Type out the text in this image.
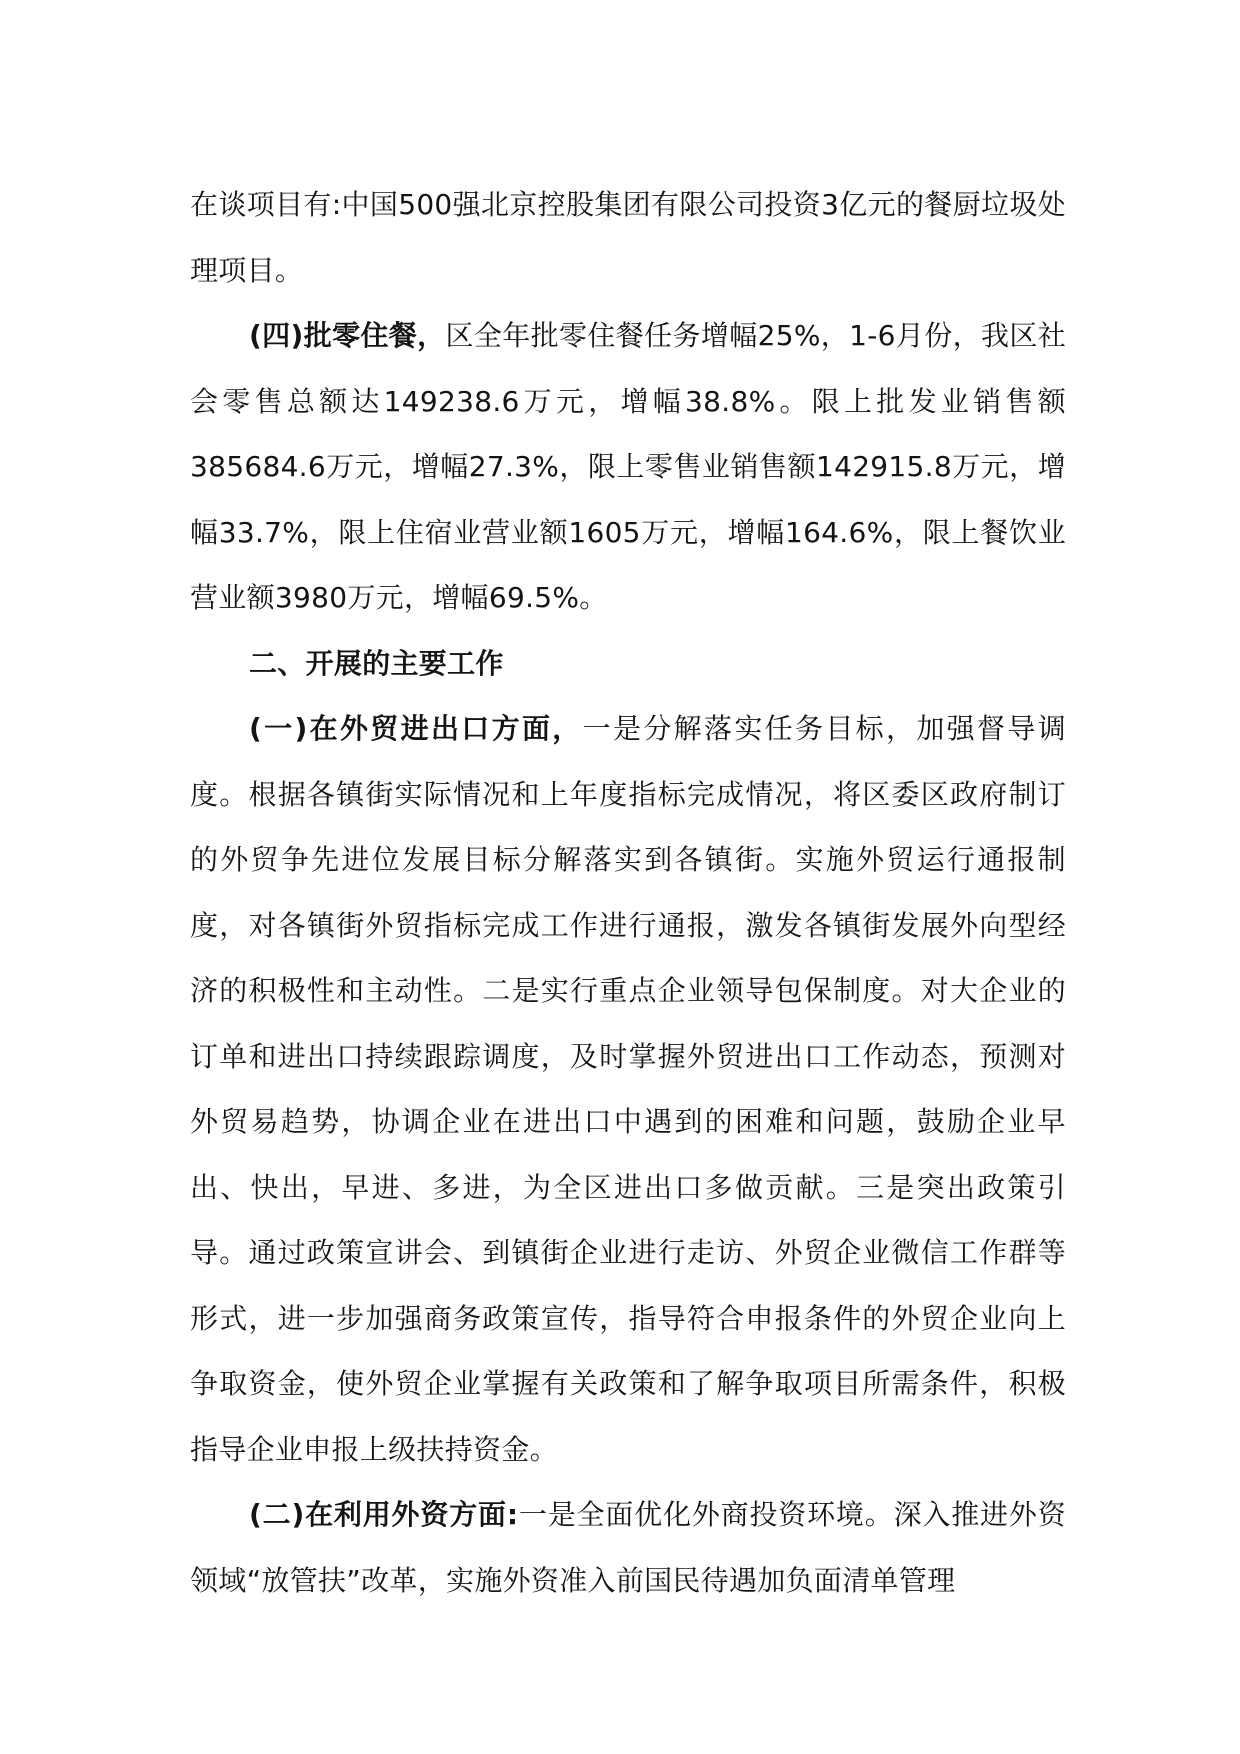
在谈项目有:中国500强北京控股集团有限公司投资3亿元的餐厨垃圾处理项目。

(四)批零住餐，区全年批零住餐任务增幅25%，1-6月份，我区社会零售总额达149238.6万元，增幅38.8%。限上批发业销售额385684.6万元，增幅27.3%，限上零售业销售额142915.8万元，增幅33.7%，限上住宿业营业额1605万元，增幅164.6%，限上餐饮业营业额3980万元，增幅69.5%。

二、开展的主要工作

(一)在外贸进出口方面，一是分解落实任务目标，加强督导调度。根据各镇街实际情况和上年度指标完成情况，将区委区政府制订的外贸争先进位发展目标分解落实到各镇街。实施外贸运行通报制度，对各镇街外贸指标完成工作进行通报，激发各镇街发展外向型经济的积极性和主动性。二是实行重点企业领导包保制度。对大企业的订单和进出口持续跟踪调度，及时掌握外贸进出口工作动态，预测对外贸易趋势，协调企业在进出口中遇到的困难和问题，鼓励企业早出、快出，早进、多进，为全区进出口多做贡献。三是突出政策引导。通过政策宣讲会、到镇街企业进行走访、外贸企业微信工作群等形式，进一步加强商务政策宣传，指导符合申报条件的外贸企业向上争取资金，使外贸企业掌握有关政策和了解争取项目所需条件，积极指导企业申报上级扶持资金。

(二)在利用外资方面:一是全面优化外商投资环境。深入推进外资领域“放管扶”改革，实施外资准入前国民待遇加负面清单管理
